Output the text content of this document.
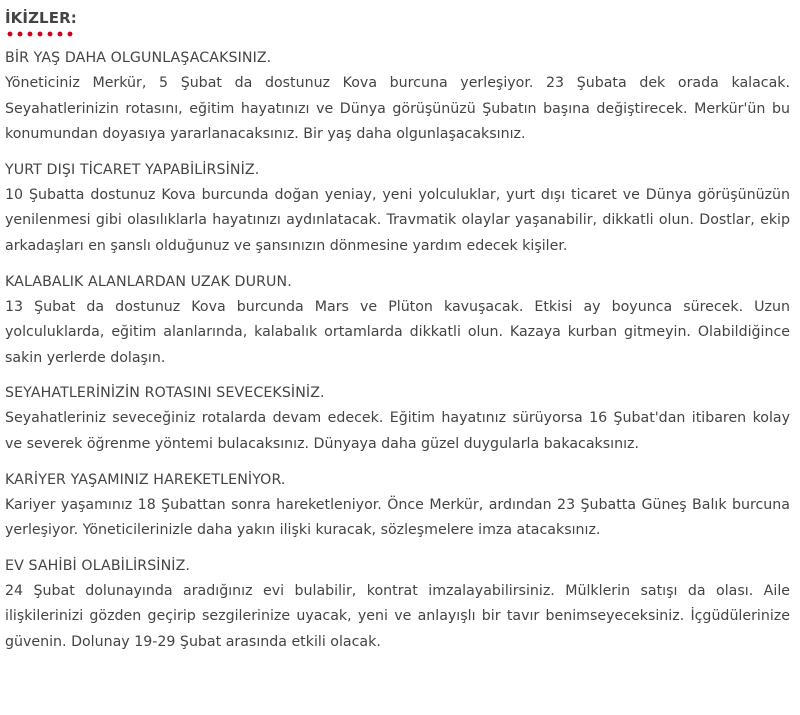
İKİZLER:

BİR YAŞ DAHA OLGUNLAŞACAKSINIZ.

Yöneticiniz Merkür, 5 Şubat da dostunuz Kova burcuna yerleşiyor. 23 Şubata dek orada kalacak. Seyahatlerinizin rotasını, eğitim hayatınızı ve Dünya görüşünüzü Şubatın başına değiştirecek. Merkür'ün bu konumundan doyasıya yararlanacaksınız. Bir yaş daha olgunlaşacaksınız.

YURT DIŞI TİCARET YAPABİLİRSİNİZ.

10 Şubatta dostunuz Kova burcunda doğan yeniay, yeni yolculuklar, yurt dışı ticaret ve Dünya görüşünüzün yenilenmesi gibi olasılıklarla hayatınızı aydınlatacak. Travmatik olaylar yaşanabilir, dikkatli olun. Dostlar, ekip arkadaşları en şanslı olduğunuz ve şansınızın dönmesine yardım edecek kişiler.

KALABALIK ALANLARDAN UZAK DURUN.

13 Şubat da dostunuz Kova burcunda Mars ve Plüton kavuşacak. Etkisi ay boyunca sürecek. Uzun yolculuklarda, eğitim alanlarında, kalabalık ortamlarda dikkatli olun. Kazaya kurban gitmeyin. Olabildiğince sakin yerlerde dolaşın.

SEYAHATLERİNİZİN ROTASINI SEVECEKSİNİZ.

Seyahatleriniz seveceğiniz rotalarda devam edecek. Eğitim hayatınız sürüyorsa 16 Şubat'dan itibaren kolay ve severek öğrenme yöntemi bulacaksınız. Dünyaya daha güzel duygularla bakacaksınız.

KARİYER YAŞAMINIZ HAREKETLENİYOR.

Kariyer yaşamınız 18 Şubattan sonra hareketleniyor. Önce Merkür, ardından 23 Şubatta Güneş Balık burcuna yerleşiyor. Yöneticilerinizle daha yakın ilişki kuracak, sözleşmelere imza atacaksınız.

EV SAHİBİ OLABİLİRSİNİZ.

24 Şubat dolunayında aradığınız evi bulabilir, kontrat imzalayabilirsiniz. Mülklerin satışı da olası. Aile ilişkilerinizi gözden geçirip sezgilerinize uyacak, yeni ve anlayışlı bir tavır benimseyeceksiniz. İçgüdülerinize güvenin. Dolunay 19-29 Şubat arasında etkili olacak.
